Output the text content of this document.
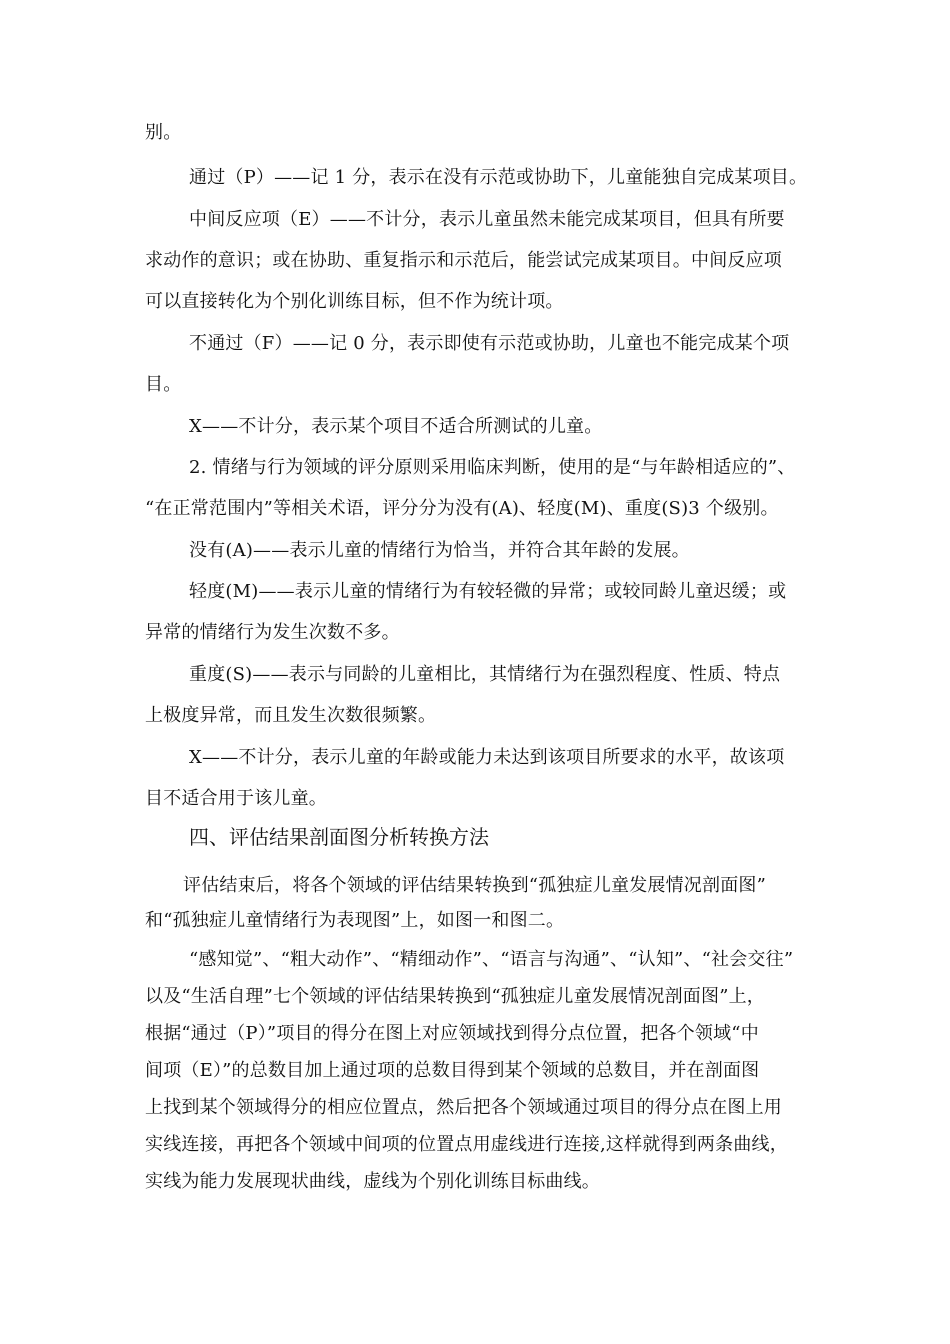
别。
通过（P）——记 1 分，表示在没有示范或协助下，儿童能独自完成某项目。
中间反应项（E）——不计分，表示儿童虽然未能完成某项目，但具有所要
求动作的意识；或在协助、重复指示和示范后，能尝试完成某项目。中间反应项
可以直接转化为个别化训练目标，但不作为统计项。
不通过（F）——记 0 分，表示即使有示范或协助，儿童也不能完成某个项
目。
X——不计分，表示某个项目不适合所测试的儿童。
2. 情绪与行为领域的评分原则采用临床判断，使用的是“与年龄相适应的”、
“在正常范围内”等相关术语，评分分为没有(A)、轻度(M)、重度(S)3 个级别。
没有(A)——表示儿童的情绪行为恰当，并符合其年龄的发展。
轻度(M)——表示儿童的情绪行为有较轻微的异常；或较同龄儿童迟缓；或
异常的情绪行为发生次数不多。
重度(S)——表示与同龄的儿童相比，其情绪行为在强烈程度、性质、特点
上极度异常，而且发生次数很频繁。
X——不计分，表示儿童的年龄或能力未达到该项目所要求的水平，故该项
目不适合用于该儿童。
四、评估结果剖面图分析转换方法
评估结束后，将各个领域的评估结果转换到“孤独症儿童发展情况剖面图”
和“孤独症儿童情绪行为表现图”上，如图一和图二。
“感知觉”、“粗大动作”、“精细动作”、“语言与沟通”、“认知”、“社会交往”
以及“生活自理”七个领域的评估结果转换到“孤独症儿童发展情况剖面图”上，
根据“通过（P）”项目的得分在图上对应领域找到得分点位置，把各个领域“中
间项（E）”的总数目加上通过项的总数目得到某个领域的总数目，并在剖面图
上找到某个领域得分的相应位置点，然后把各个领域通过项目的得分点在图上用
实线连接，再把各个领域中间项的位置点用虚线进行连接,这样就得到两条曲线，
实线为能力发展现状曲线，虚线为个别化训练目标曲线。
